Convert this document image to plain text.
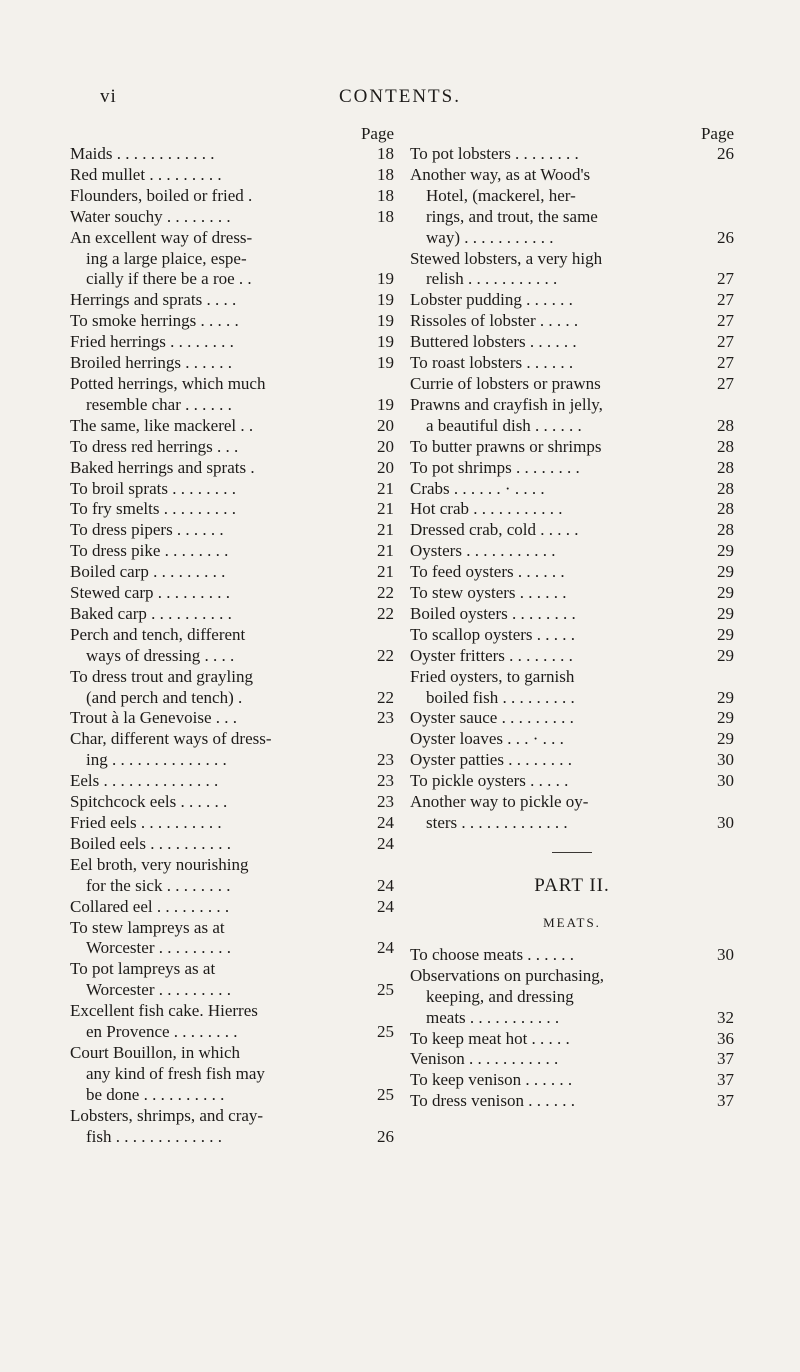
vi	CONTENTS.
Page
Maids . . . . . . . . . . . .	18
Red mullet . . . . . . . . .	18
Flounders, boiled or fried .	18
Water souchy . . . . . . . .	18
An excellent way of dress-
ing a large plaice, espe-
cially if there be a roe . .	19
Herrings and sprats . . . .	19
To smoke herrings . . . . .	19
Fried herrings . . . . . . . .	19
Broiled herrings . . . . . .	19
Potted herrings, which much
resemble char . . . . . .	19
The same, like mackerel . .	20
To dress red herrings . . .	20
Baked herrings and sprats .	20
To broil sprats . . . . . . . .	21
To fry smelts . . . . . . . . .	21
To dress pipers . . . . . .	21
To dress pike . . . . . . . .	21
Boiled carp . . . . . . . . .	21
Stewed carp . . . . . . . . .	22
Baked carp . . . . . . . . . .	22
Perch and tench, different
ways of dressing . . . .	22
To dress trout and grayling
(and perch and tench) .	22
Trout à la Genevoise . . .	23
Char, different ways of dress-
ing . . . . . . . . . . . . . .	23
Eels . . . . . . . . . . . . . .	23
Spitchcock eels . . . . . .	23
Fried eels . . . . . . . . . .	24
Boiled eels . . . . . . . . . .	24
Eel broth, very nourishing
for the sick . . . . . . . .	24
Collared eel . . . . . . . . .	24
To stew lampreys as at
Worcester . . . . . . . . .	24
To pot lampreys as at
Worcester . . . . . . . . .	25
Excellent fish cake. Hierres
en Provence . . . . . . . .	25
Court Bouillon, in which
any kind of fresh fish may
be done . . . . . . . . . .	25
Lobsters, shrimps, and cray-
fish . . . . . . . . . . . . .	26
Page
To pot lobsters . . . . . . . .	26
Another way, as at Wood's
Hotel, (mackerel, her-
rings, and trout, the same
way) . . . . . . . . . . .	26
Stewed lobsters, a very high
relish . . . . . . . . . . .	27
Lobster pudding . . . . . .	27
Rissoles of lobster . . . . .	27
Buttered lobsters . . . . . .	27
To roast lobsters . . . . . .	27
Currie of lobsters or prawns	27
Prawns and crayfish in jelly,
a beautiful dish . . . . . .	28
To butter prawns or shrimps	28
To pot shrimps . . . . . . . .	28
Crabs . . . . . . · . . . .	28
Hot crab . . . . . . . . . . .	28
Dressed crab, cold . . . . .	28
Oysters . . . . . . . . . . .	29
To feed oysters . . . . . .	29
To stew oysters . . . . . .	29
Boiled oysters . . . . . . . .	29
To scallop oysters . . . . .	29
Oyster fritters . . . . . . . .	29
Fried oysters, to garnish
boiled fish . . . . . . . . .	29
Oyster sauce . . . . . . . . .	29
Oyster loaves . . . · . . .	29
Oyster patties . . . . . . . .	30
To pickle oysters . . . . .	30
Another way to pickle oy-
sters . . . . . . . . . . . . .	30
PART II.
MEATS.
To choose meats . . . . . .	30
Observations on purchasing,
keeping, and dressing
meats . . . . . . . . . . .	32
To keep meat hot . . . . .	36
Venison . . . . . . . . . . .	37
To keep venison . . . . . .	37
To dress venison . . . . . .	37
